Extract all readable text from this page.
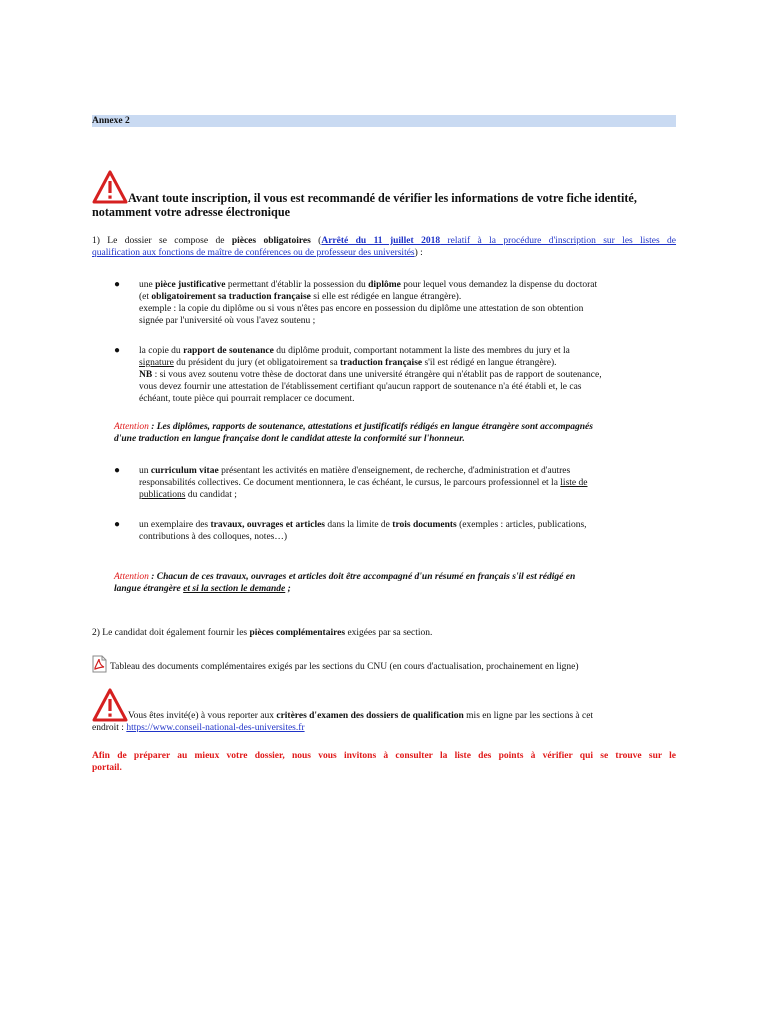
Annexe 2
Avant toute inscription, il vous est recommandé de vérifier les informations de votre fiche identité,
notamment votre adresse électronique
1) Le dossier se compose de pièces obligatoires (Arrêté du 11 juillet 2018 relatif à la procédure d'inscription sur les listes de
qualification aux fonctions de maître de conférences ou de professeur des universités) :
● une pièce justificative permettant d'établir la possession du diplôme pour lequel vous demandez la dispense du doctorat
(et obligatoirement sa traduction française si elle est rédigée en langue étrangère).
exemple : la copie du diplôme ou si vous n'êtes pas encore en possession du diplôme une attestation de son obtention
signée par l'université où vous l'avez soutenu ;
● la copie du rapport de soutenance du diplôme produit, comportant notamment la liste des membres du jury et la
signature du président du jury (et obligatoirement sa traduction française s'il est rédigé en langue étrangère).
NB : si vous avez soutenu votre thèse de doctorat dans une université étrangère qui n'établit pas de rapport de soutenance,
vous devez fournir une attestation de l'établissement certifiant qu'aucun rapport de soutenance n'a été établi et, le cas
échéant, toute pièce qui pourrait remplacer ce document.
Attention : Les diplômes, rapports de soutenance, attestations et justificatifs rédigés en langue étrangère sont accompagnés
d'une traduction en langue française dont le candidat atteste la conformité sur l'honneur.
● un curriculum vitae présentant les activités en matière d'enseignement, de recherche, d'administration et d'autres
responsabilités collectives. Ce document mentionnera, le cas échéant, le cursus, le parcours professionnel et la liste de
publications du candidat ;
● un exemplaire des travaux, ouvrages et articles dans la limite de trois documents (exemples : articles, publications,
contributions à des colloques, notes…)
Attention : Chacun de ces travaux, ouvrages et articles doit être accompagné d'un résumé en français s'il est rédigé en
langue étrangère et si la section le demande ;
2) Le candidat doit également fournir les pièces complémentaires exigées par sa section.
Tableau des documents complémentaires exigés par les sections du CNU (en cours d'actualisation, prochainement en ligne)
Vous êtes invité(e) à vous reporter aux critères d'examen des dossiers de qualification mis en ligne par les sections à cet
endroit : https://www.conseil-national-des-universites.fr
Afin de préparer au mieux votre dossier, nous vous invitons à consulter la liste des points à vérifier qui se trouve sur le
portail.
